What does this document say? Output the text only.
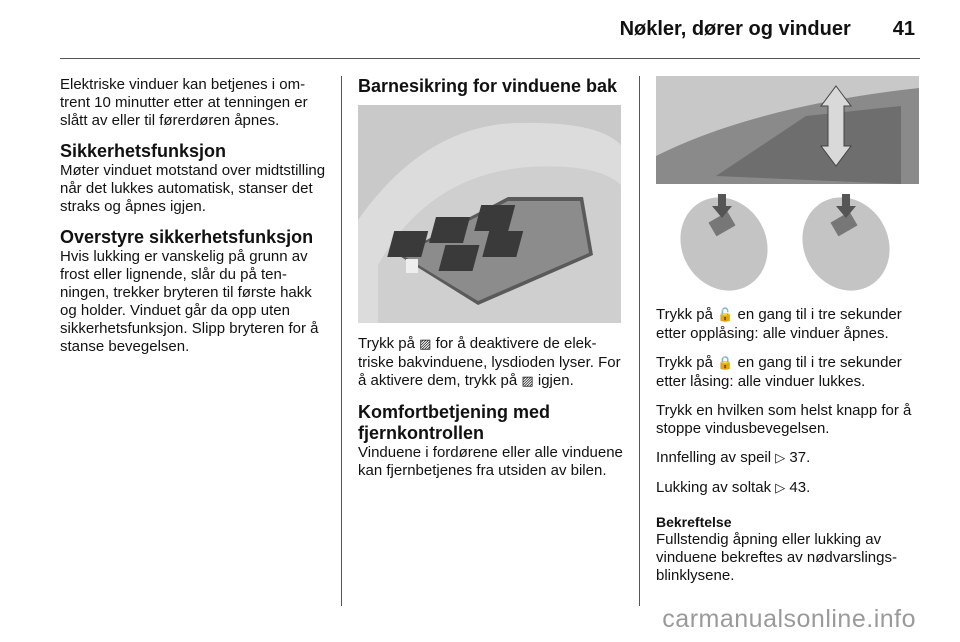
Nøkler, dører og vinduer 41

Elektriske vinduer kan betjenes i omtrent 10 minutter etter at tenningen er slått av eller til førerdøren åpnes.

Sikkerhetsfunksjon
Møter vinduet motstand over midtstilling når det lukkes automatisk, stanser det straks og åpnes igjen.
Overstyre sikkerhetsfunksjon
Hvis lukking er vanskelig på grunn av frost eller lignende, slår du på tenningen, trekker bryteren til første hakk og holder. Vinduet går da opp uten sikkerhetsfunksjon. Slipp bryteren for å stanse bevegelsen.
Barnesikring for vinduene bak

Trykk på ▨ for å deaktivere de elektriske bakvinduene, lysdioden lyser. For å aktivere dem, trykk på ▨ igjen.

Komfortbetjening med fjernkontrollen
Vinduene i fordørene eller alle vinduene kan fjernbetjenes fra utsiden av bilen.

Trykk på 🔓 en gang til i tre sekunder etter opplåsing: alle vinduer åpnes.

Trykk på 🔒 en gang til i tre sekunder etter låsing: alle vinduer lukkes.

Trykk en hvilken som helst knapp for å stoppe vindusbevegelsen.

Innfelling av speil ▷ 37.

Lukking av soltak ▷ 43.

Bekreftelse
Fullstendig åpning eller lukking av vinduene bekreftes av nødvarslingsblinklysene.
carmanualsonline.info
